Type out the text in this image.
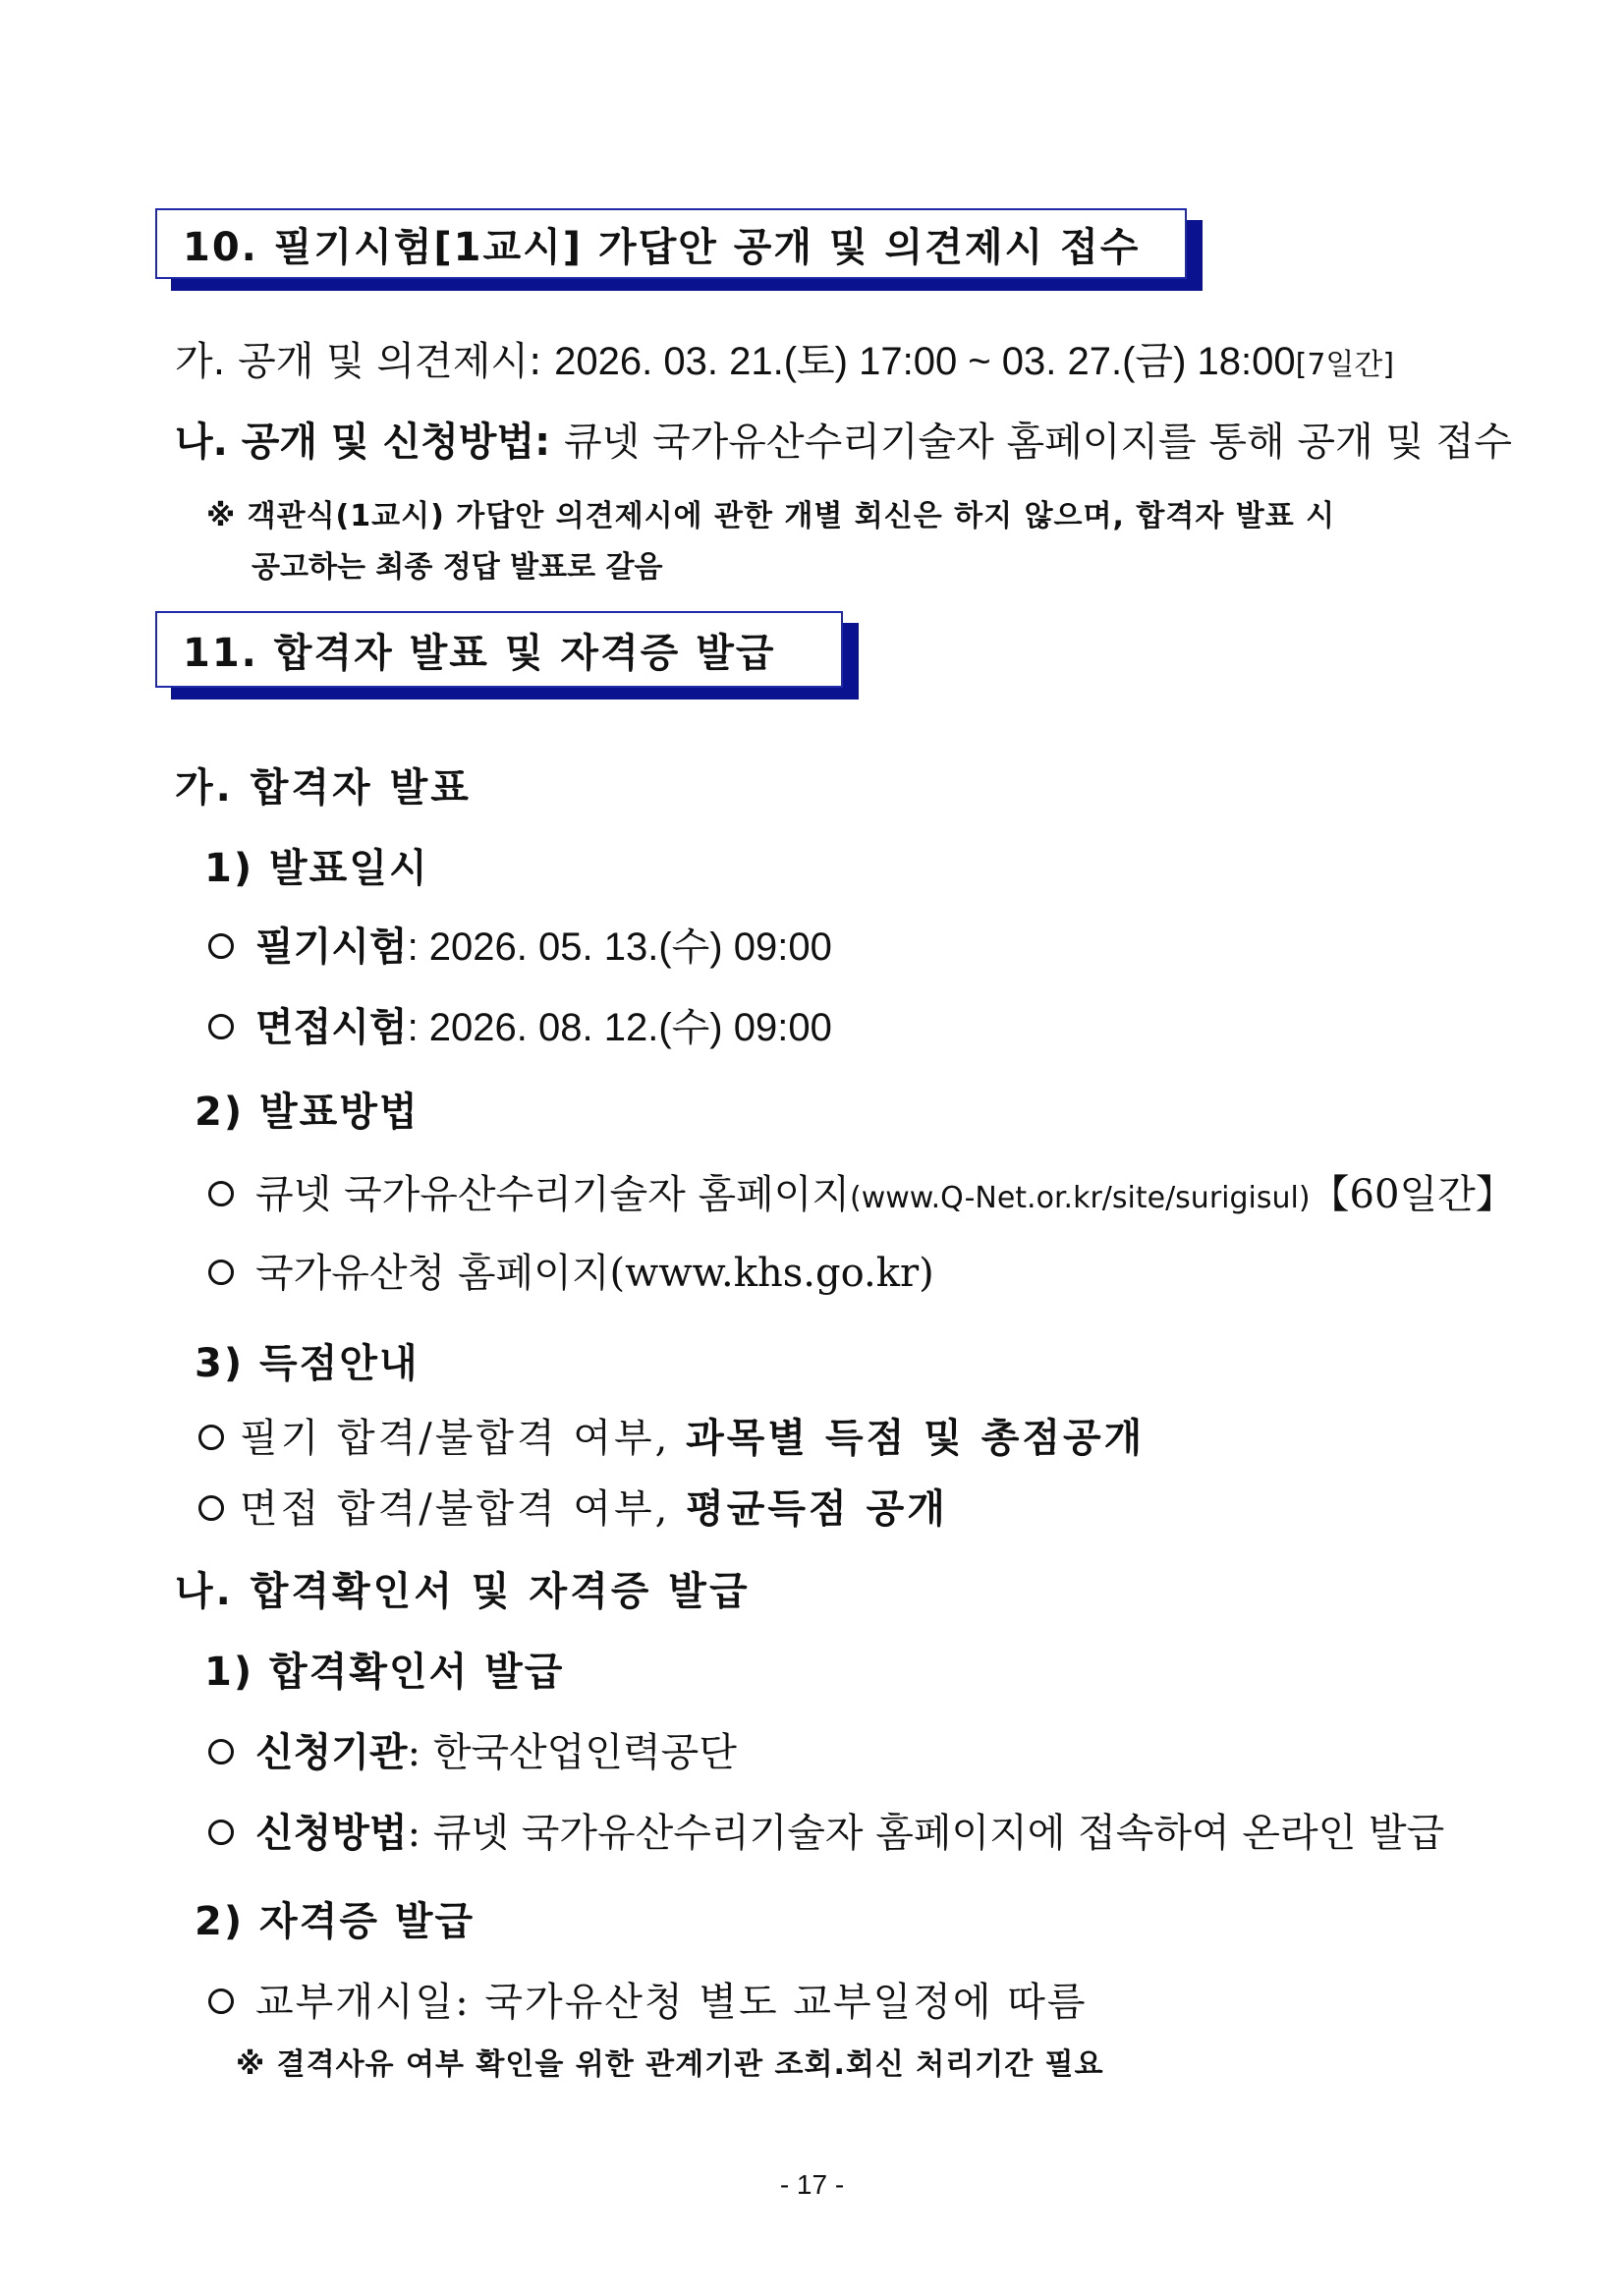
10. 필기시험[1교시] 가답안 공개 및 의견제시 접수
가. 공개 및 의견제시: 2026. 03. 21.(토) 17:00 ~ 03. 27.(금) 18:00[7일간]
나. 공개 및 신청방법: 큐넷 국가유산수리기술자 홈페이지를 통해 공개 및 접수
※ 객관식(1교시) 가답안 의견제시에 관한 개별 회신은 하지 않으며, 합격자 발표 시
공고하는 최종 정답 발표로 갈음
11. 합격자 발표 및 자격증 발급
가. 합격자 발표
1) 발표일시
필기시험: 2026. 05. 13.(수) 09:00
면접시험: 2026. 08. 12.(수) 09:00
2) 발표방법
큐넷 국가유산수리기술자 홈페이지(www.Q-Net.or.kr/site/surigisul)【60일간】
국가유산청 홈페이지(www.khs.go.kr)
3) 득점안내
필기 합격/불합격 여부, 과목별 득점 및 총점공개
면접 합격/불합격 여부, 평균득점 공개
나. 합격확인서 및 자격증 발급
1) 합격확인서 발급
신청기관: 한국산업인력공단
신청방법: 큐넷 국가유산수리기술자 홈페이지에 접속하여 온라인 발급
2) 자격증 발급
교부개시일: 국가유산청 별도 교부일정에 따름
※ 결격사유 여부 확인을 위한 관계기관 조회.회신 처리기간 필요
- 17 -
